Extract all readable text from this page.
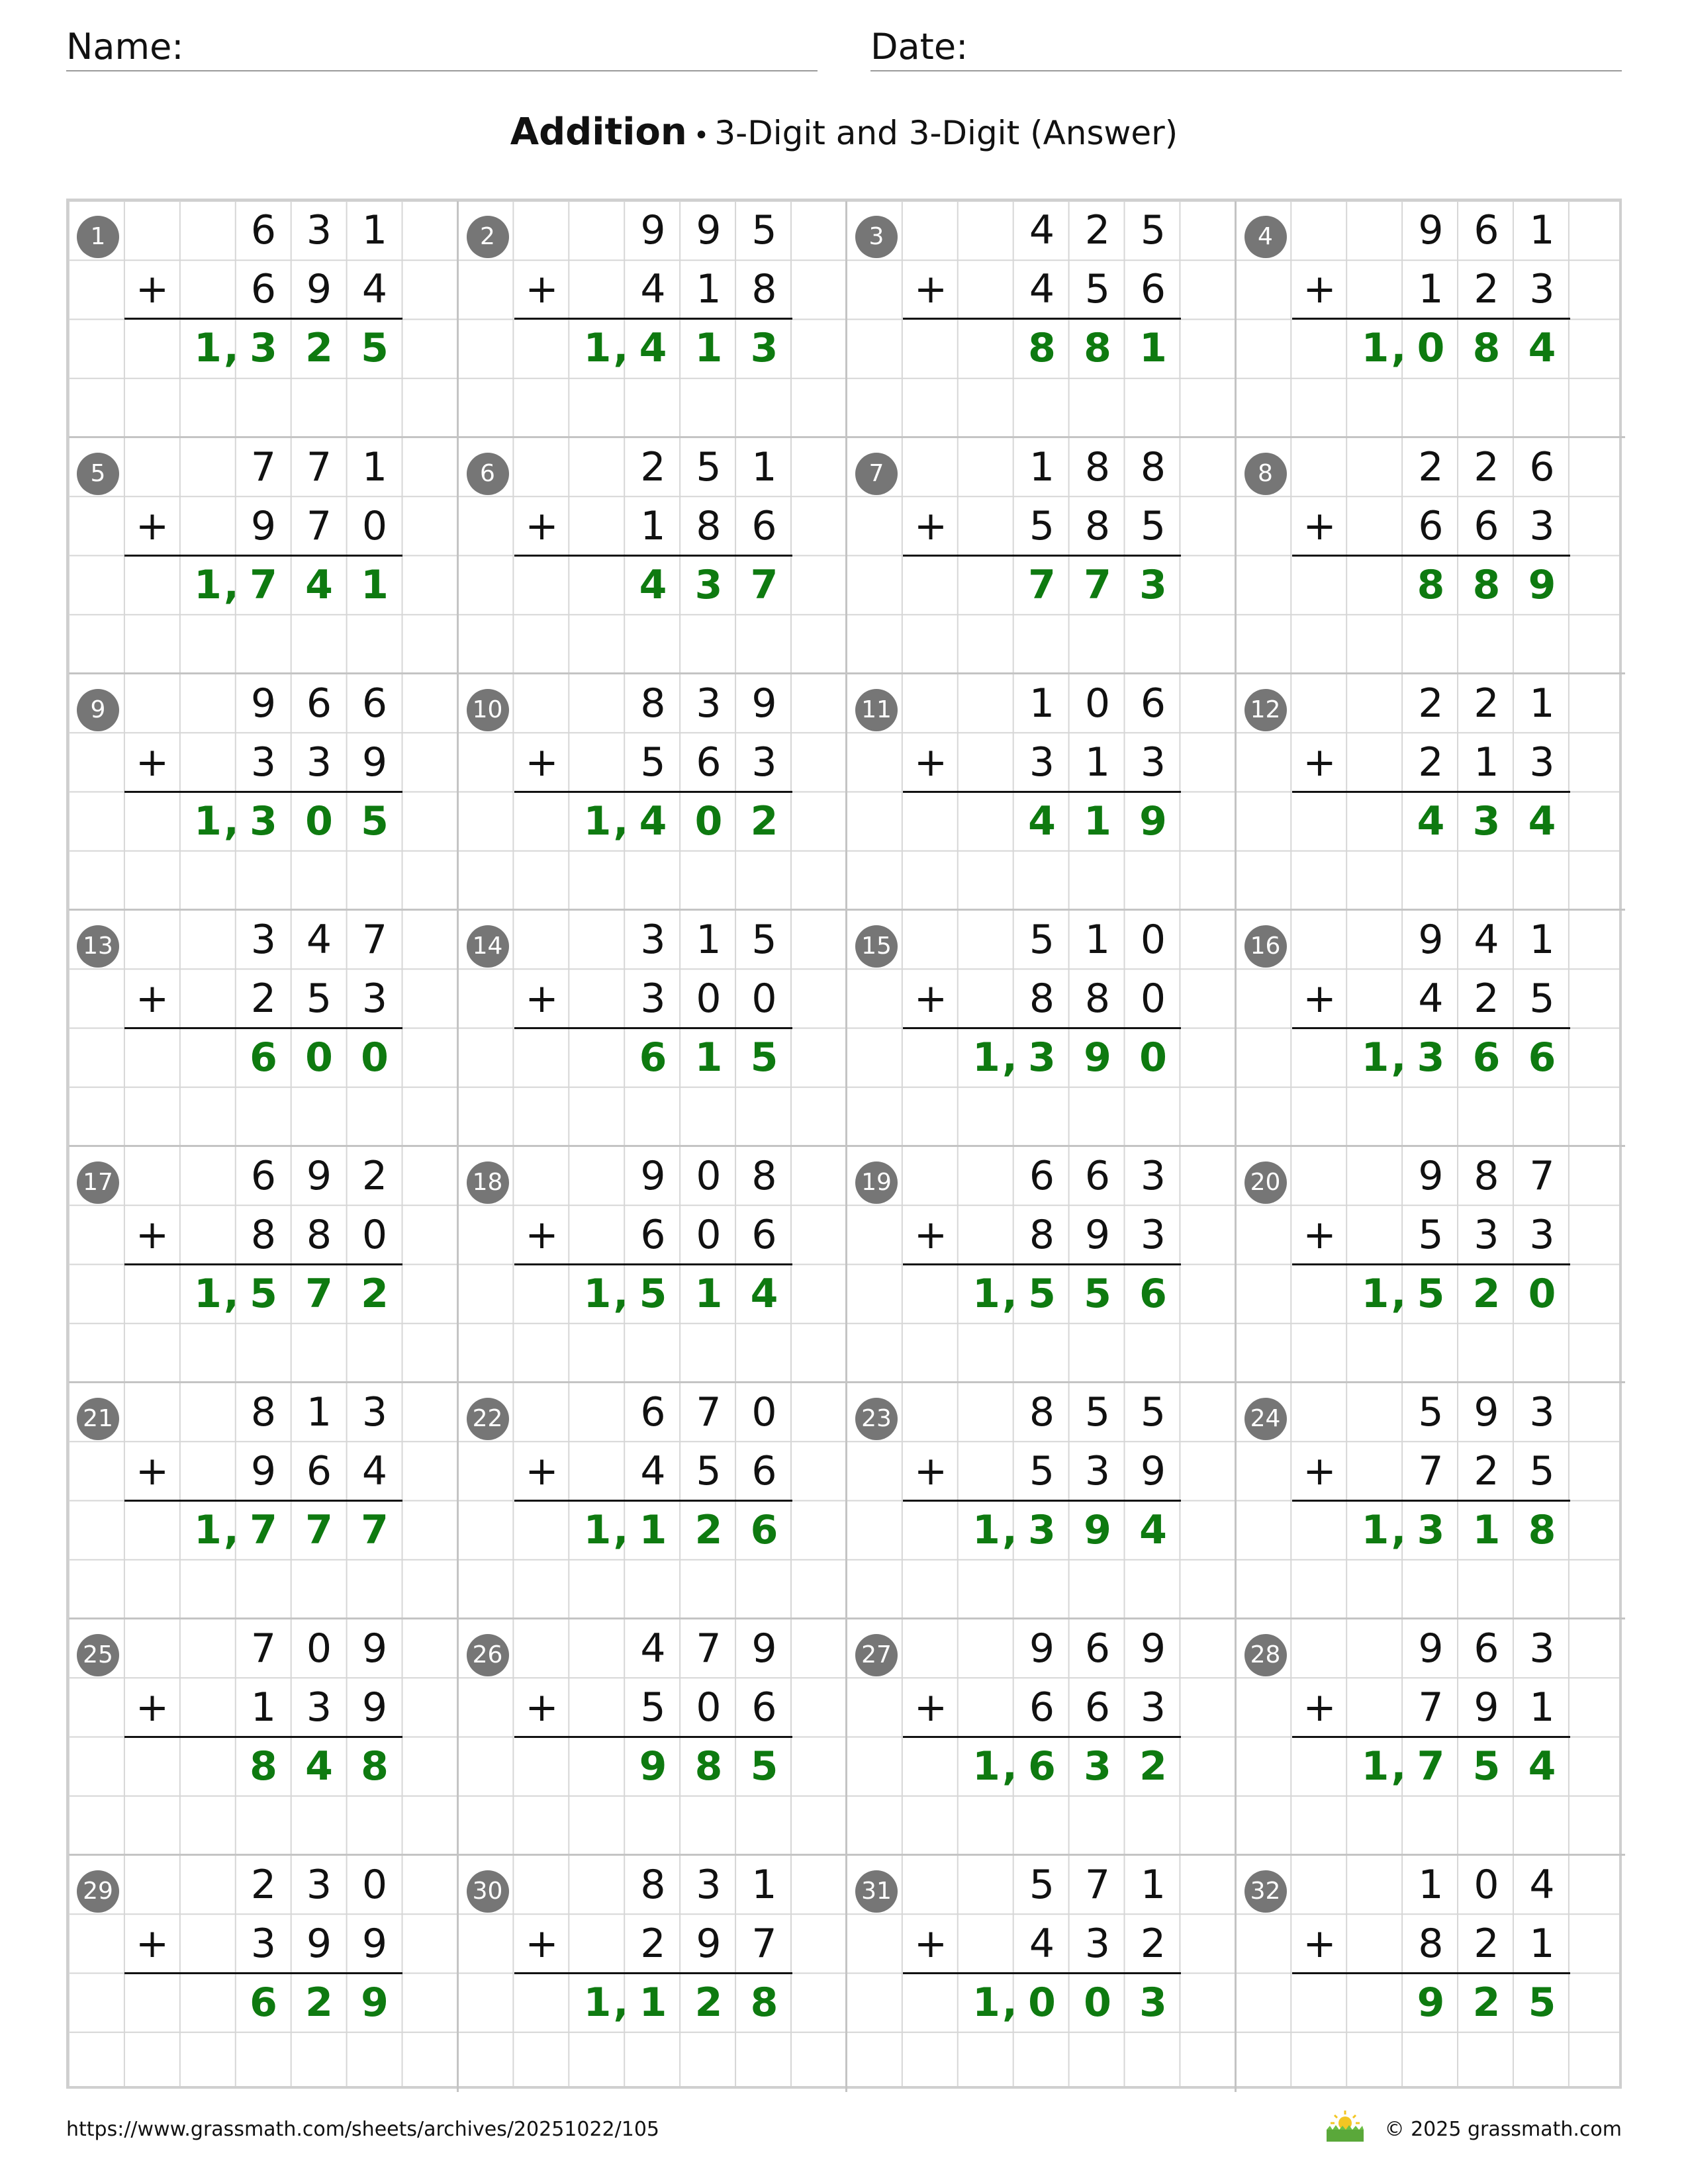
Name:	Date:
Addition • 3-Digit and 3-Digit (Answer)
1	6 3 1
+	6 9 4
1 , 3 2 5
2	9 9 5
+	4 1 8
1 , 4 1 3
3	4 2 5
+	4 5 6
8 8 1
4	9 6 1
+	1 2 3
1 , 0 8 4
5	7 7 1
+	9 7 0
1 , 7 4 1
6	2 5 1
+	1 8 6
4 3 7
7	1 8 8
+	5 8 5
7 7 3
8	2 2 6
+	6 6 3
8 8 9
9	9 6 6
+	3 3 9
1 , 3 0 5
10	8 3 9
+	5 6 3
1 , 4 0 2
11	1 0 6
+	3 1 3
4 1 9
12	2 2 1
+	2 1 3
4 3 4
13	3 4 7
+	2 5 3
6 0 0
14	3 1 5
+	3 0 0
6 1 5
15	5 1 0
+	8 8 0
1 , 3 9 0
16	9 4 1
+	4 2 5
1 , 3 6 6
17	6 9 2
+	8 8 0
1 , 5 7 2
18	9 0 8
+	6 0 6
1 , 5 1 4
19	6 6 3
+	8 9 3
1 , 5 5 6
20	9 8 7
+	5 3 3
1 , 5 2 0
21	8 1 3
+	9 6 4
1 , 7 7 7
22	6 7 0
+	4 5 6
1 , 1 2 6
23	8 5 5
+	5 3 9
1 , 3 9 4
24	5 9 3
+	7 2 5
1 , 3 1 8
25	7 0 9
+	1 3 9
8 4 8
26	4 7 9
+	5 0 6
9 8 5
27	9 6 9
+	6 6 3
1 , 6 3 2
28	9 6 3
+	7 9 1
1 , 7 5 4
29	2 3 0
+	3 9 9
6 2 9
30	8 3 1
+	2 9 7
1 , 1 2 8
31	5 7 1
+	4 3 2
1 , 0 0 3
32	1 0 4
+	8 2 1
9 2 5
https://www.grassmath.com/sheets/archives/20251022/105	© 2025 grassmath.com
